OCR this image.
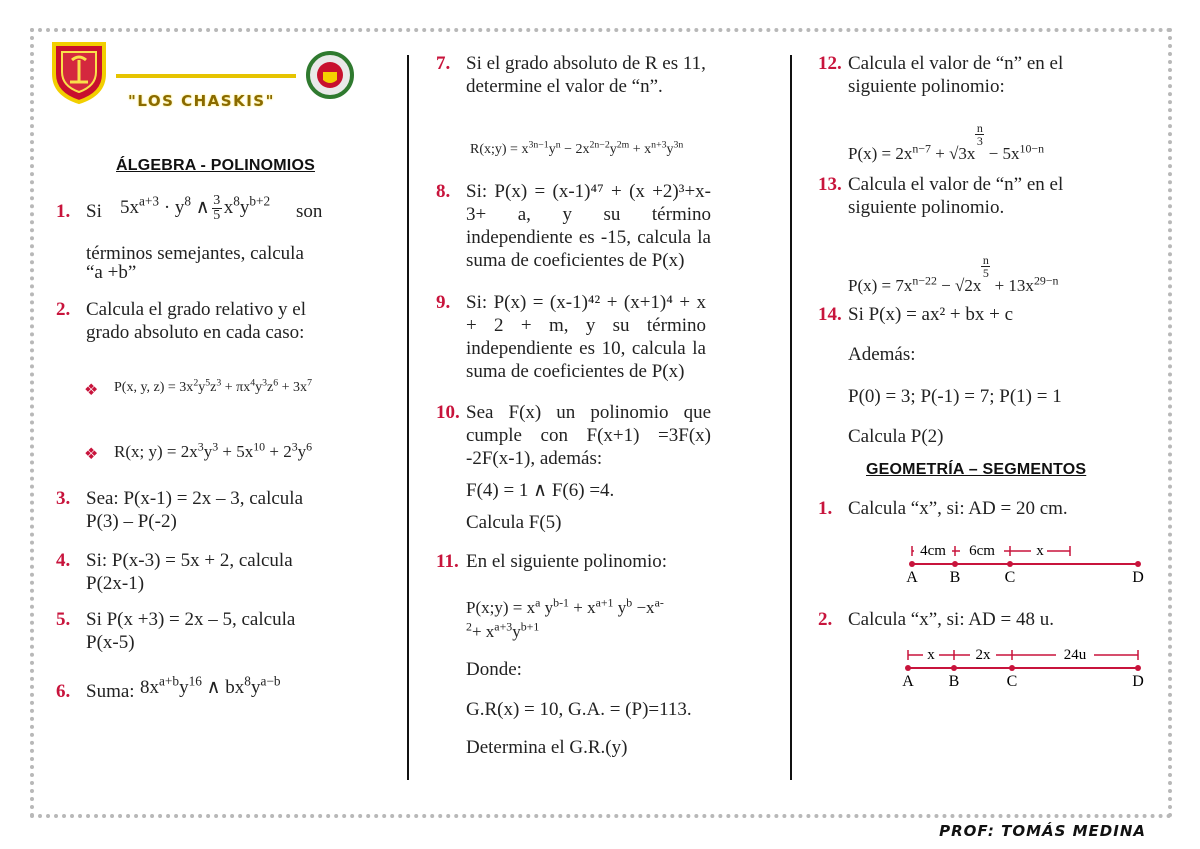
"LOS CHASKIS"
ÁLGEBRA - POLINOMIOS
1. Si $5x^{a+3} \cdot y^8$ ∧ 3
5 $x^8y^{b+2}$ son
términos semejantes, calcula
“a +b”
2. Calcula el grado relativo y el grado absoluto en cada caso:
❖ P(x, y, $z) = 3x^2y^5z^3 + \pi x^4y^3z^6 + 3x^7$
❖ R(x; $y) = 2x^3y^3 + 5x^{10} + 2^3y^6$
3. Sea: P(x-1) = 2x – 3, calcula P(3) – P(-2)
4. Si: P(x-3) = 5x + 2, calcula P(2x-1)
5. Si P(x +3) = 2x – 5, calcula P(x-5)
6. Suma: $8x^{a+b}y^{16}$ ∧ $bx^8y^{a-b}$
7. Si el grado absoluto de R es 11, determine el valor de “n”.
R(x;y) = $x^{3n-1}y^n - 2x^{2n-2}y^{2m} + x^{n+3}y^{3n}$
8. Si: P(x) = (x-1)⁴⁷ + (x +2)³+x-3+ a, y su término independiente es -15, calcula la suma de coeficientes de P(x)
9. Si: P(x) = (x-1)⁴² + (x+1)⁴ + x + 2 + m, y su término independiente es 10, calcula la suma de coeficientes de P(x)
10. Sea F(x) un polinomio que cumple con F(x+1) =3F(x) -2F(x-1), además:
F(4) = 1 ∧ F(6) =4.
Calcula F(5)
11. En el siguiente polinomio:
P(x;y) = $x^a$ $y^{b-1} + x^{a+1}$ $y^b -x^{a-}$
$^2+ x^{a+3}y^{b+1}$
Donde:
G.R(x) = 10, G.A. = (P)=113.
Determina el G.R.(y)
12. Calcula el valor de “n” en el siguiente polinomio:
$P(x) = 2x^{n-7} + √3xn$
$3 - 5x^{10-n}$
13. Calcula el valor de “n” en el siguiente polinomio.
$P(x) = 7x^{n-22} - √2xn$
$5 + 13x^{29-n}$
14. Si P(x) = ax² + bx + c
Además:
P(0) = 3; P(-1) = 7; P(1) = 1
Calcula P(2)
GEOMETRÍA – SEGMENTOS
1. Calcula “x”, si: AD = 20 cm.
4cm 6cm	x
A B	C	D
2. Calcula “x”, si: AD = 48 u.
x	2x	24u
A B	C	D
PROF: TOMÁS MEDINA
